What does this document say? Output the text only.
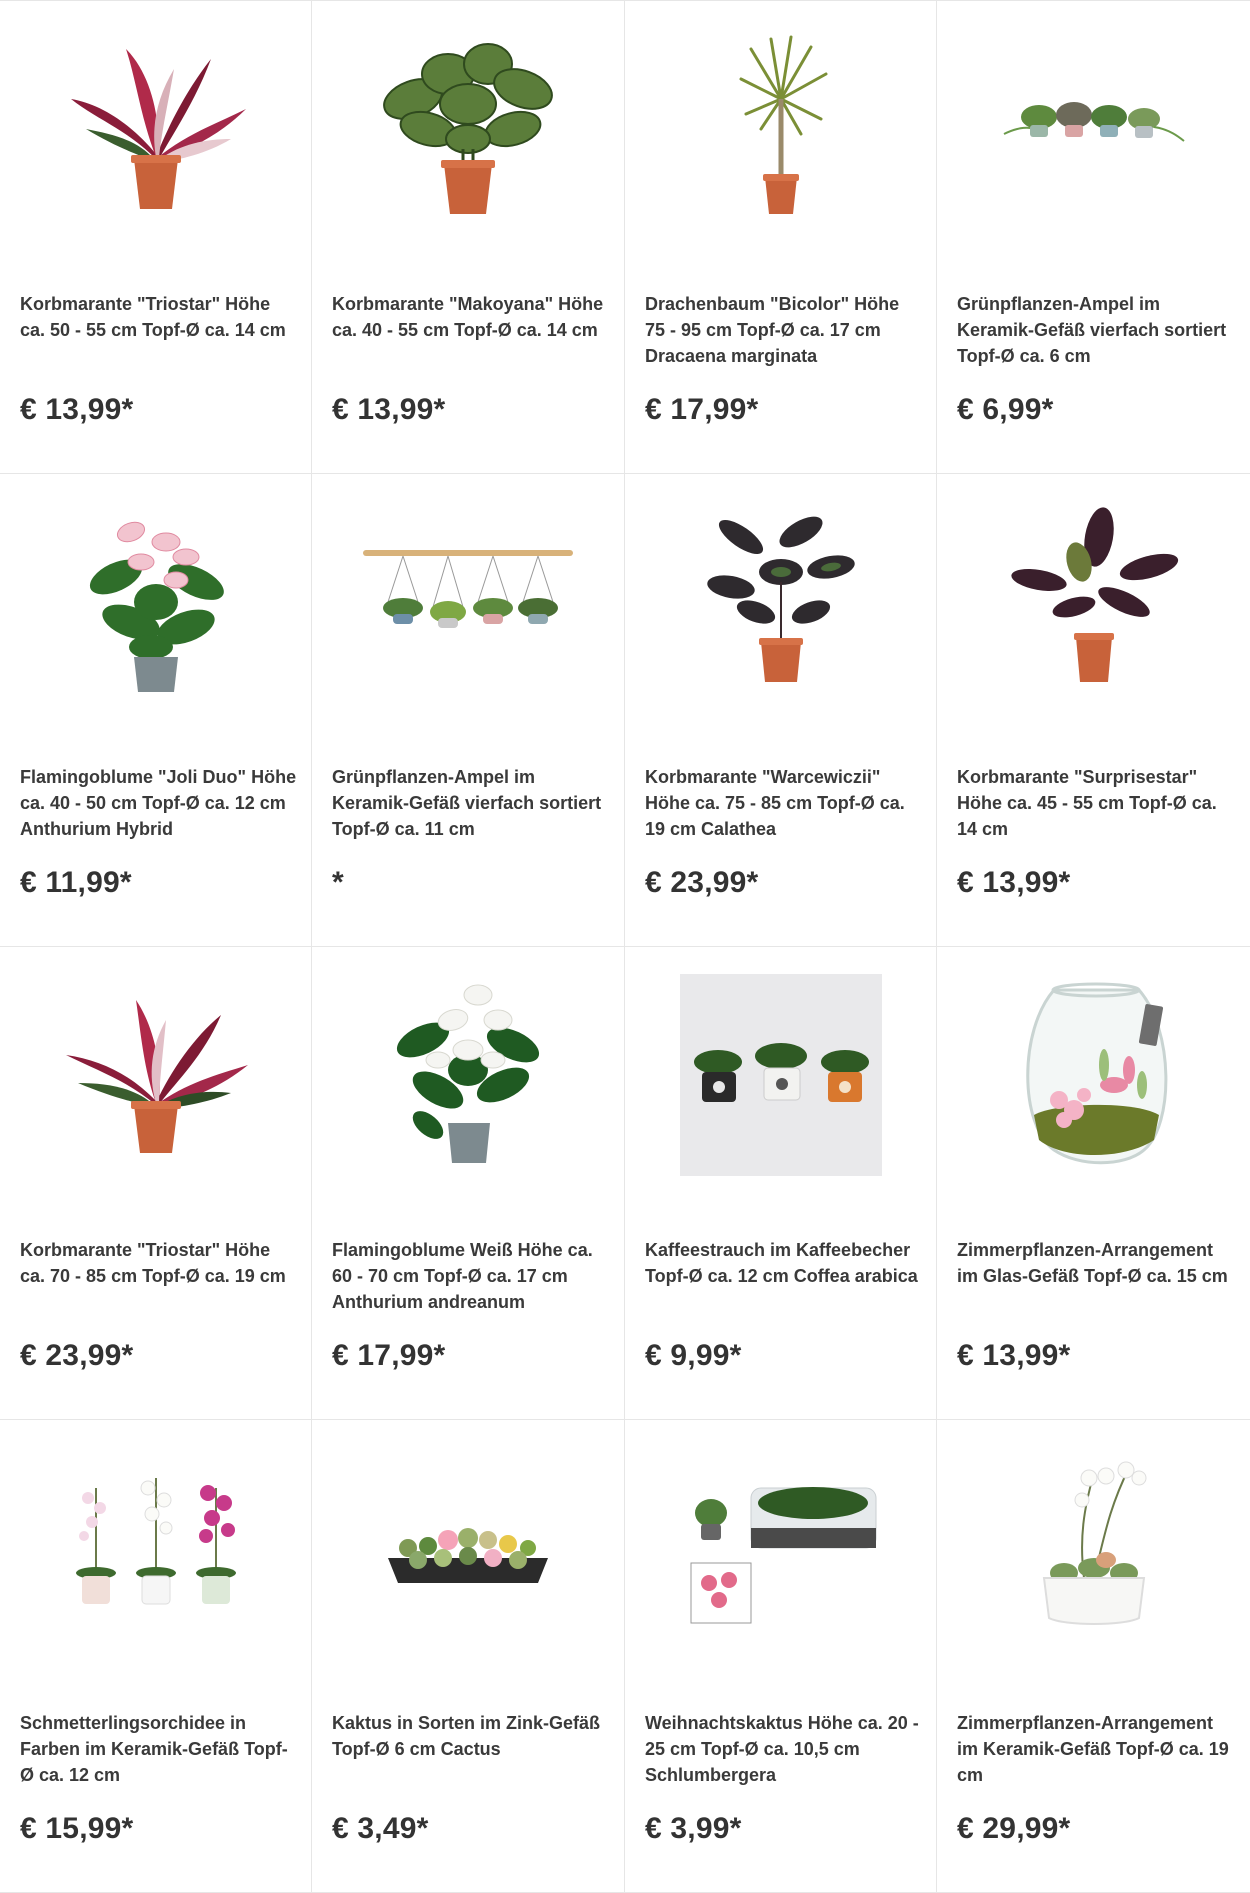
Korbmarante "Triostar" Höhe ca. 50 - 55 cm Topf-Ø ca. 14 cm
€ 13,99*
Korbmarante "Makoyana" Höhe ca. 40 - 55 cm Topf-Ø ca. 14 cm
€ 13,99*
Drachenbaum "Bicolor" Höhe 75 - 95 cm Topf-Ø ca. 17 cm Dracaena marginata
€ 17,99*
Grünpflanzen-Ampel im Keramik-Gefäß vierfach sortiert Topf-Ø ca. 6 cm
€ 6,99*
Flamingoblume "Joli Duo" Höhe ca. 40 - 50 cm Topf-Ø ca. 12 cm Anthurium Hybrid
€ 11,99*
Grünpflanzen-Ampel im Keramik-Gefäß vierfach sortiert Topf-Ø ca. 11 cm
*
Korbmarante "Warcewiczii" Höhe ca. 75 - 85 cm Topf-Ø ca. 19 cm Calathea
€ 23,99*
Korbmarante "Surprisestar" Höhe ca. 45 - 55 cm Topf-Ø ca. 14 cm
€ 13,99*
Korbmarante "Triostar" Höhe ca. 70 - 85 cm Topf-Ø ca. 19 cm
€ 23,99*
Flamingoblume Weiß Höhe ca. 60 - 70 cm Topf-Ø ca. 17 cm Anthurium andreanum
€ 17,99*
Kaffeestrauch im Kaffeebecher Topf-Ø ca. 12 cm Coffea arabica
€ 9,99*
Zimmerpflanzen-Arrangement im Glas-Gefäß Topf-Ø ca. 15 cm
€ 13,99*
Schmetterlingsorchidee in Farben im Keramik-Gefäß Topf-Ø ca. 12 cm
€ 15,99*
Kaktus in Sorten im Zink-Gefäß Topf-Ø 6 cm Cactus
€ 3,49*
Weihnachtskaktus Höhe ca. 20 - 25 cm Topf-Ø ca. 10,5 cm Schlumbergera
€ 3,99*
Zimmerpflanzen-Arrangement im Keramik-Gefäß Topf-Ø ca. 19 cm
€ 29,99*
